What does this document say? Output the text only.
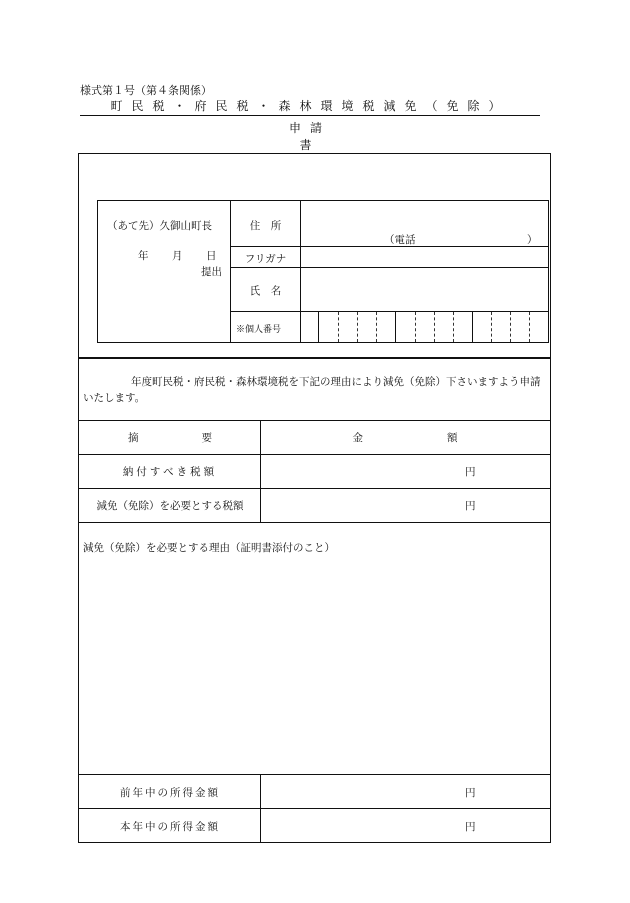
様式第１号（第４条関係）
町民税・府民税・森林環境税減免（免除）
申請書
（あて先）久御山町長
年 月 日
提出
住　所
（電話	）
フリガナ
氏　名
※個人番号
年度町民税・府民税・森林環境税を下記の理由により減免（免除）下さいますよう申請いたします。
摘　　　　　　要	金　　　　　　　　額
納付すべき税額	円
減免（免除）を必要とする税額	円
減免（免除）を必要とする理由（証明書添付のこと）
前年中の所得金額	円
本年中の所得金額	円
